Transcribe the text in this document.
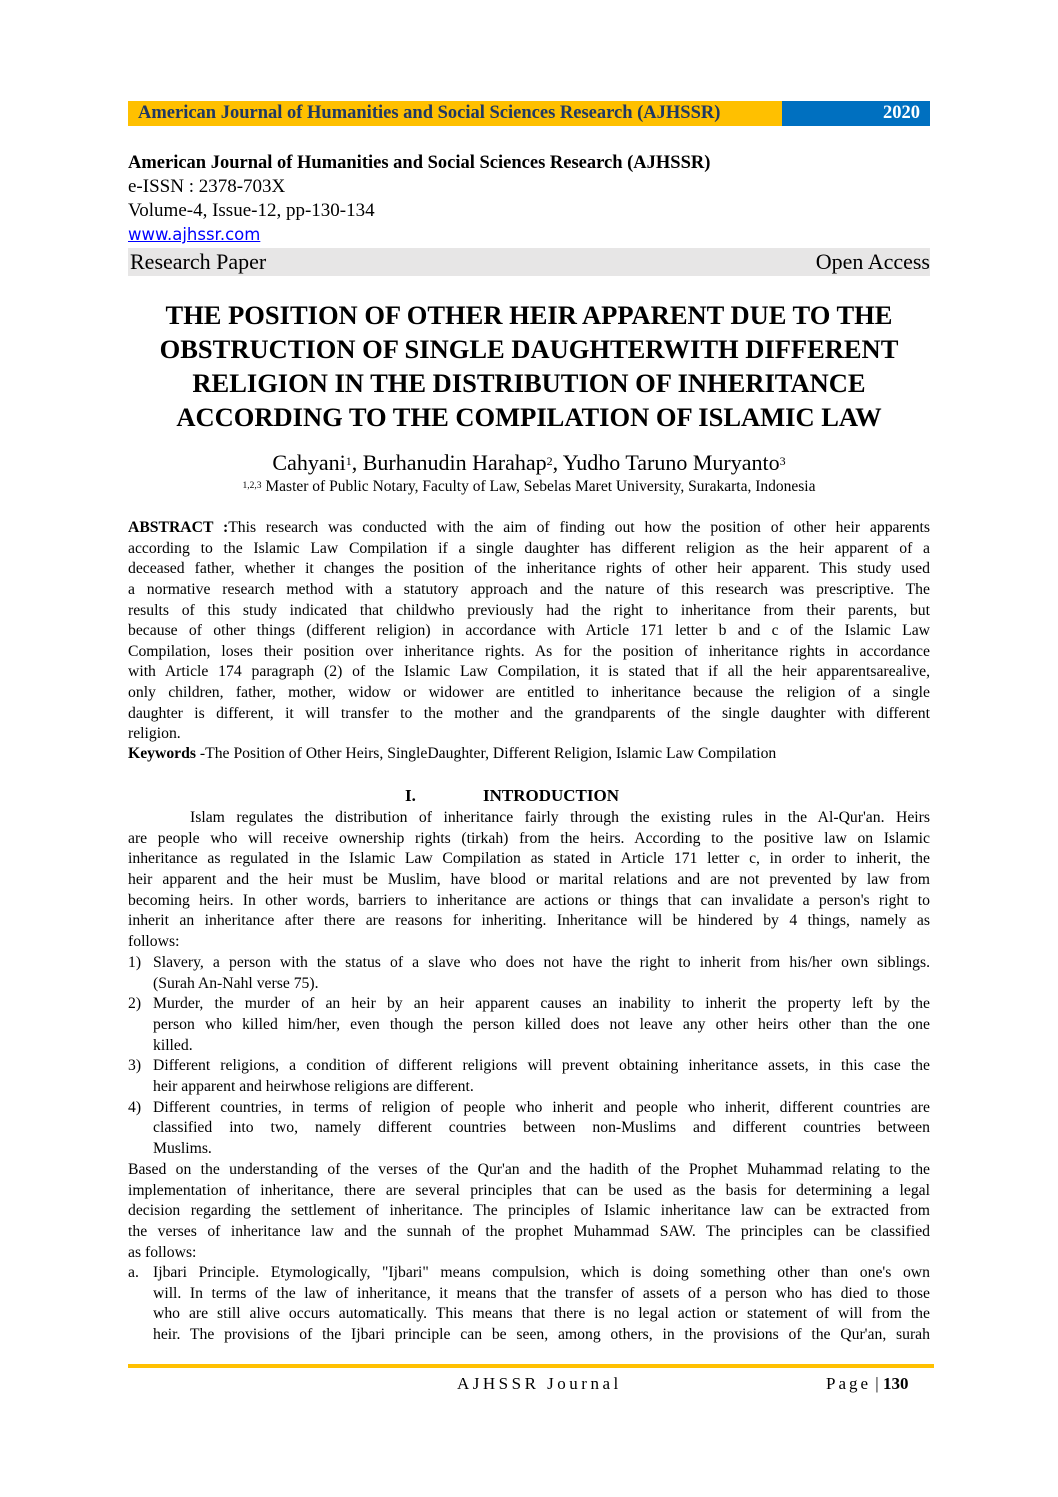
American Journal of Humanities and Social Sciences Research (AJHSSR)	2020
American Journal of Humanities and Social Sciences Research (AJHSSR)
e-ISSN : 2378-703X
Volume-4, Issue-12, pp-130-134
www.ajhssr.com
Research Paper	Open Access
THE POSITION OF OTHER HEIR APPARENT DUE TO THE
OBSTRUCTION OF SINGLE DAUGHTERWITH DIFFERENT
RELIGION IN THE DISTRIBUTION OF INHERITANCE
ACCORDING TO THE COMPILATION OF ISLAMIC LAW
Cahyani$^1$, Burhanudin Harahap$^2$, Yudho Taruno Muryanto$^3$
$^{1,2,3}$ Master of Public Notary, Faculty of Law, Sebelas Maret University, Surakarta, Indonesia
ABSTRACT :This research was conducted with the aim of finding out how the position of other heir apparents
according to the Islamic Law Compilation if a single daughter has different religion as the heir apparent of a
deceased father, whether it changes the position of the inheritance rights of other heir apparent. This study used
a normative research method with a statutory approach and the nature of this research was prescriptive. The
results of this study indicated that childwho previously had the right to inheritance from their parents, but
because of other things (different religion) in accordance with Article 171 letter b and c of the Islamic Law
Compilation, loses their position over inheritance rights. As for the position of inheritance rights in accordance
with Article 174 paragraph (2) of the Islamic Law Compilation, it is stated that if all the heir apparentsarealive,
only children, father, mother, widow or widower are entitled to inheritance because the religion of a single
daughter is different, it will transfer to the mother and the grandparents of the single daughter with different
religion.
Keywords -The Position of Other Heirs, SingleDaughter, Different Religion, Islamic Law Compilation
I.	INTRODUCTION
Islam regulates the distribution of inheritance fairly through the existing rules in the Al-Qur'an. Heirs
are people who will receive ownership rights (tirkah) from the heirs. According to the positive law on Islamic
inheritance as regulated in the Islamic Law Compilation as stated in Article 171 letter c, in order to inherit, the
heir apparent and the heir must be Muslim, have blood or marital relations and are not prevented by law from
becoming heirs. In other words, barriers to inheritance are actions or things that can invalidate a person's right to
inherit an inheritance after there are reasons for inheriting. Inheritance will be hindered by 4 things, namely as
follows:
1) Slavery, a person with the status of a slave who does not have the right to inherit from his/her own siblings.
(Surah An-Nahl verse 75).
2) Murder, the murder of an heir by an heir apparent causes an inability to inherit the property left by the
person who killed him/her, even though the person killed does not leave any other heirs other than the one
killed.
3) Different religions, a condition of different religions will prevent obtaining inheritance assets, in this case the
heir apparent and heirwhose religions are different.
4) Different countries, in terms of religion of people who inherit and people who inherit, different countries are
classified into two, namely different countries between non-Muslims and different countries between
Muslims.
Based on the understanding of the verses of the Qur'an and the hadith of the Prophet Muhammad relating to the
implementation of inheritance, there are several principles that can be used as the basis for determining a legal
decision regarding the settlement of inheritance. The principles of Islamic inheritance law can be extracted from
the verses of inheritance law and the sunnah of the prophet Muhammad SAW. The principles can be classified
as follows:
a. Ijbari Principle. Etymologically, "Ijbari" means compulsion, which is doing something other than one's own
will. In terms of the law of inheritance, it means that the transfer of assets of a person who has died to those
who are still alive occurs automatically. This means that there is no legal action or statement of will from the
heir. The provisions of the Ijbari principle can be seen, among others, in the provisions of the Qur'an, surah
AJHSSR Journal	Page | 130
